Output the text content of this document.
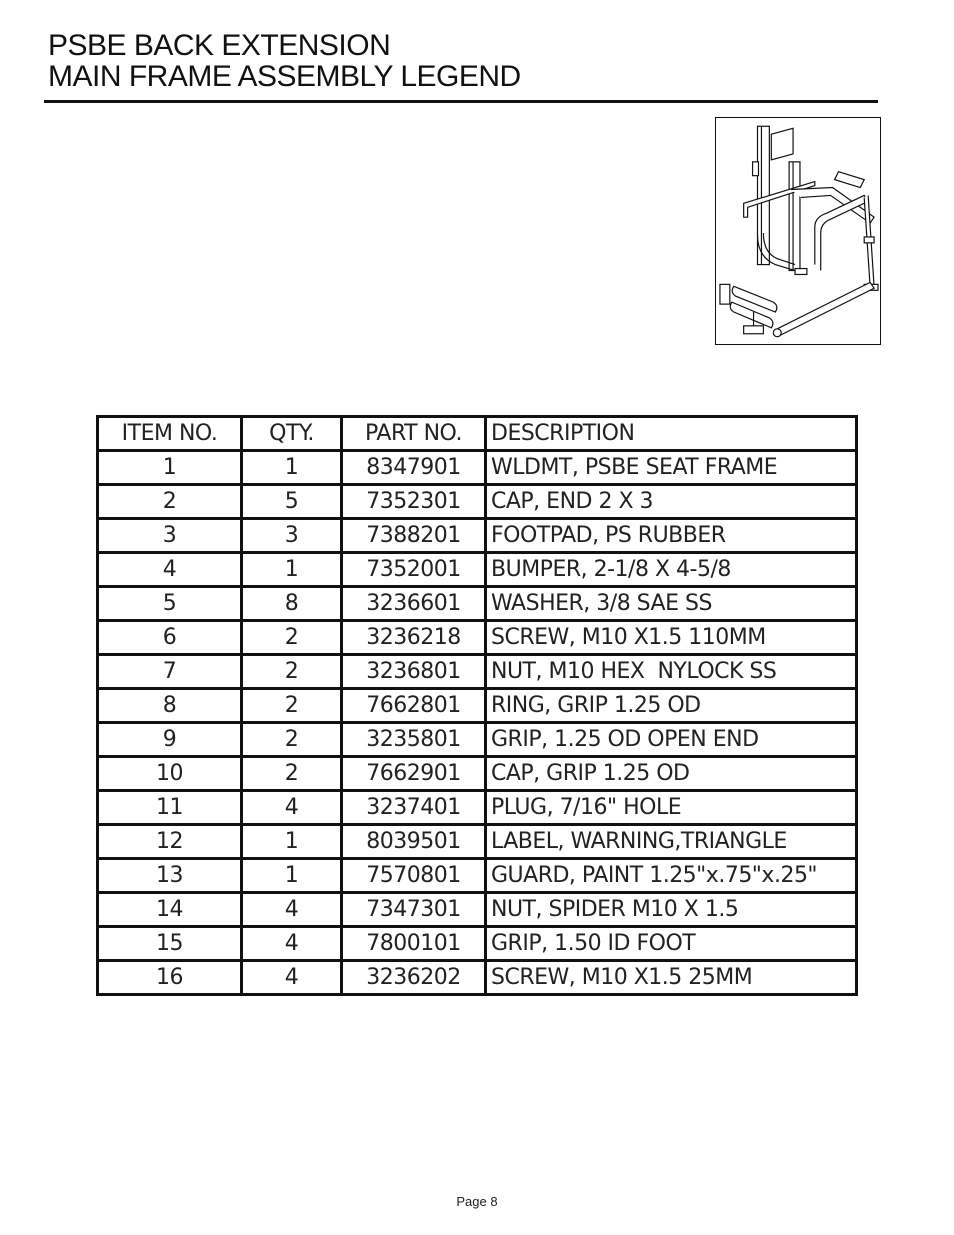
PSBE BACK EXTENSION
MAIN FRAME ASSEMBLY LEGEND
ITEM NO.	QTY.	PART NO.	DESCRIPTION
1	1	8347901	WLDMT, PSBE SEAT FRAME
2	5	7352301	CAP, END 2 X 3
3	3	7388201	FOOTPAD, PS RUBBER
4	1	7352001	BUMPER, 2-1/8 X 4-5/8
5	8	3236601	WASHER, 3/8 SAE SS
6	2	3236218	SCREW, M10 X1.5 110MM
7	2	3236801	NUT, M10 HEX  NYLOCK SS
8	2	7662801	RING, GRIP 1.25 OD
9	2	3235801	GRIP, 1.25 OD OPEN END
10	2	7662901	CAP, GRIP 1.25 OD
11	4	3237401	PLUG, 7/16" HOLE
12	1	8039501	LABEL, WARNING,TRIANGLE
13	1	7570801	GUARD, PAINT 1.25"x.75"x.25"
14	4	7347301	NUT, SPIDER M10 X 1.5
15	4	7800101	GRIP, 1.50 ID FOOT
16	4	3236202	SCREW, M10 X1.5 25MM
Page 8
